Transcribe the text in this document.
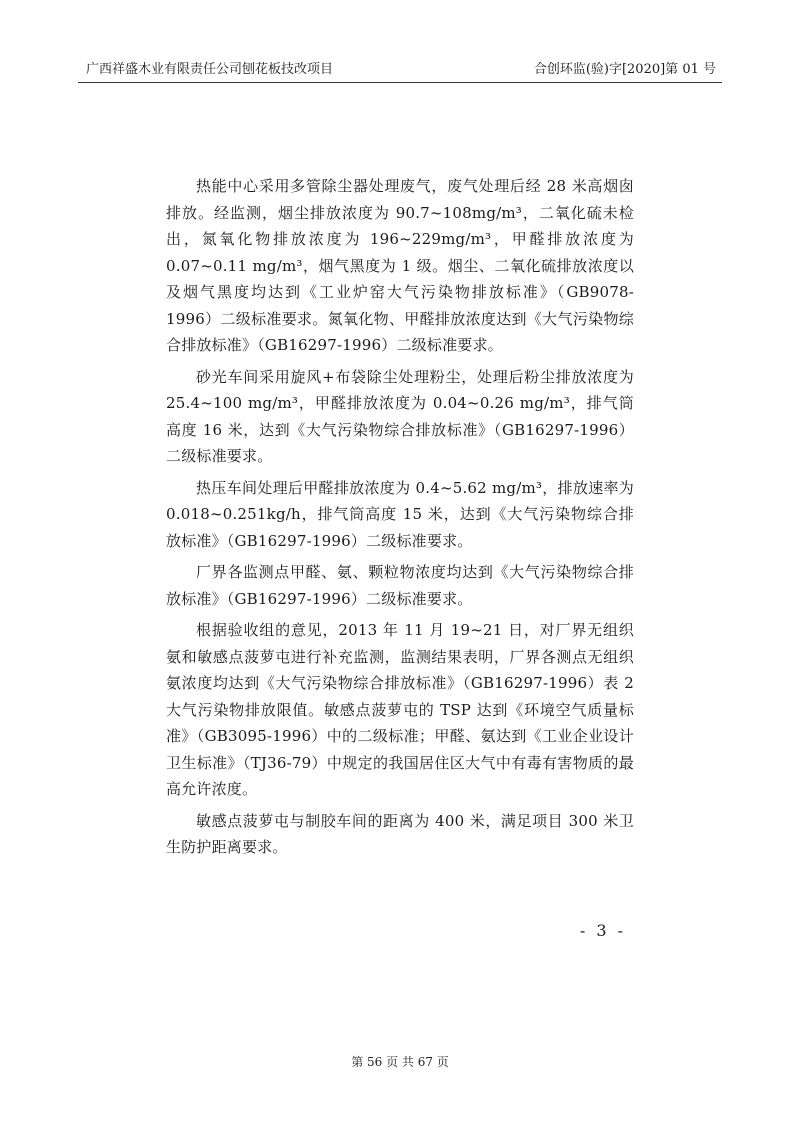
广西祥盛木业有限责任公司刨花板技改项目	合创环监(验)字[2020]第 01 号

热能中心采用多管除尘器处理废气，废气处理后经 28 米高烟囱排放。经监测，烟尘排放浓度为 90.7~108mg/m³，二氧化硫未检出，氮氧化物排放浓度为 196~229mg/m³，甲醛排放浓度为 0.07~0.11 mg/m³，烟气黑度为 1 级。烟尘、二氧化硫排放浓度以及烟气黑度均达到《工业炉窑大气污染物排放标准》（GB9078-1996）二级标准要求。氮氧化物、甲醛排放浓度达到《大气污染物综合排放标准》（GB16297-1996）二级标准要求。

砂光车间采用旋风+布袋除尘处理粉尘，处理后粉尘排放浓度为 25.4~100 mg/m³，甲醛排放浓度为 0.04~0.26 mg/m³，排气筒高度 16 米，达到《大气污染物综合排放标准》（GB16297-1996）二级标准要求。

热压车间处理后甲醛排放浓度为 0.4~5.62 mg/m³，排放速率为 0.018~0.251kg/h，排气筒高度 15 米，达到《大气污染物综合排放标准》（GB16297-1996）二级标准要求。

厂界各监测点甲醛、氨、颗粒物浓度均达到《大气污染物综合排放标准》（GB16297-1996）二级标准要求。

根据验收组的意见，2013 年 11 月 19~21 日，对厂界无组织氨和敏感点菠萝屯进行补充监测，监测结果表明，厂界各测点无组织氨浓度均达到《大气污染物综合排放标准》（GB16297-1996）表 2 大气污染物排放限值。敏感点菠萝屯的 TSP 达到《环境空气质量标准》（GB3095-1996）中的二级标准；甲醛、氨达到《工业企业设计卫生标准》（TJ36-79）中规定的我国居住区大气中有毒有害物质的最高允许浓度。

敏感点菠萝屯与制胶车间的距离为 400 米，满足项目 300 米卫生防护距离要求。

- 3 -
第 56 页 共 67 页
